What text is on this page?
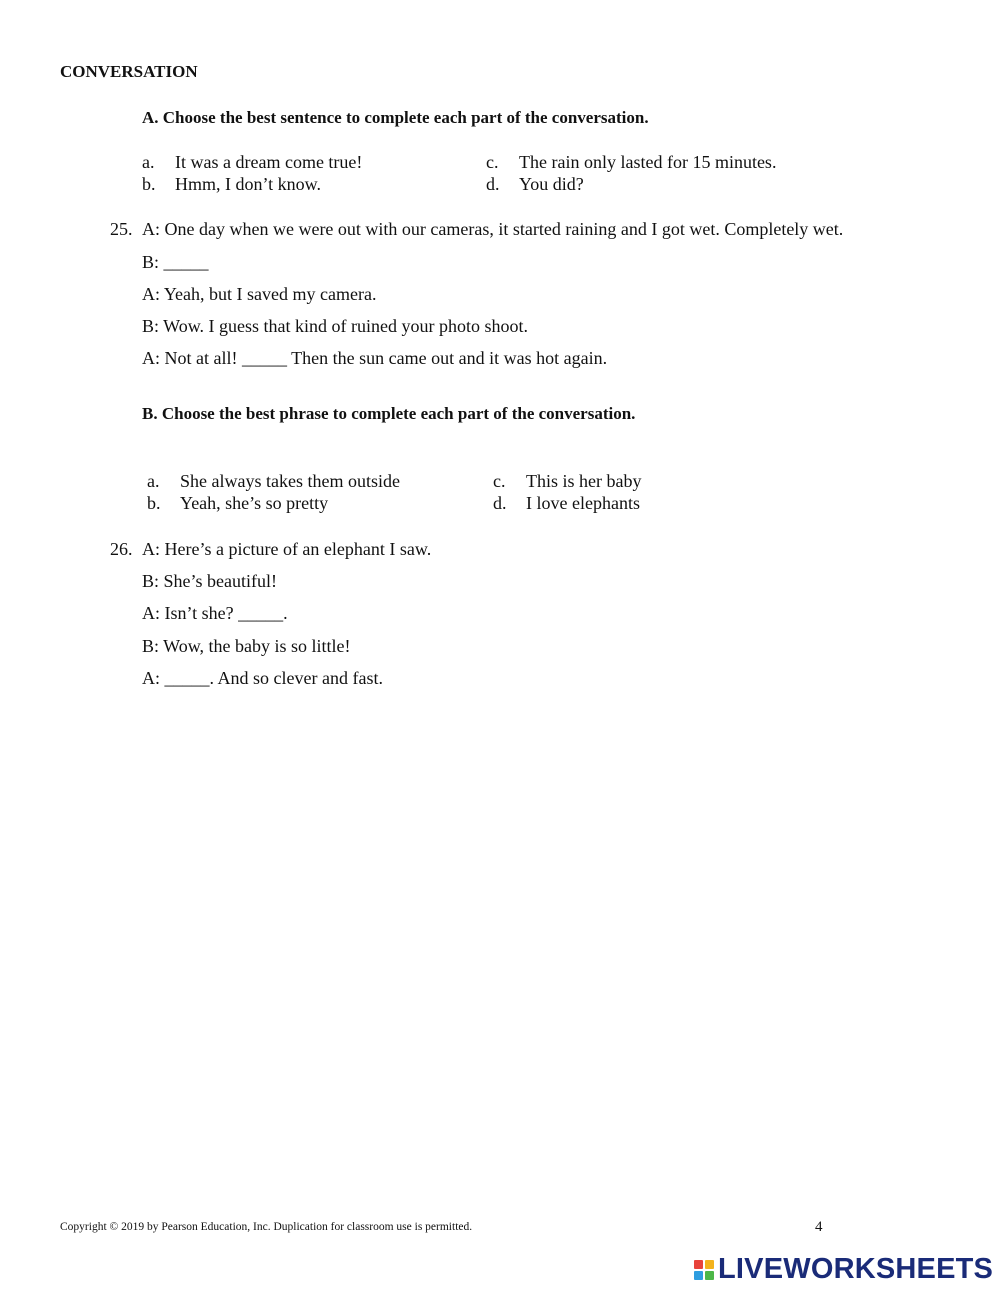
CONVERSATION
A. Choose the best sentence to complete each part of the conversation.
a. It was a dream come true!
b. Hmm, I don’t know.
c. The rain only lasted for 15 minutes.
d. You did?
25. A: One day when we were out with our cameras, it started raining and I got wet. Completely wet.
B: _____
A: Yeah, but I saved my camera.
B: Wow. I guess that kind of ruined your photo shoot.
A: Not at all! _____ Then the sun came out and it was hot again.
B. Choose the best phrase to complete each part of the conversation.
a. She always takes them outside
b. Yeah, she’s so pretty
c. This is her baby
d. I love elephants
26. A: Here’s a picture of an elephant I saw.
B: She’s beautiful!
A: Isn’t she? _____.
B: Wow, the baby is so little!
A: _____. And so clever and fast.
Copyright © 2019 by Pearson Education, Inc. Duplication for classroom use is permitted.	4
LIVEWORKSHEETS
